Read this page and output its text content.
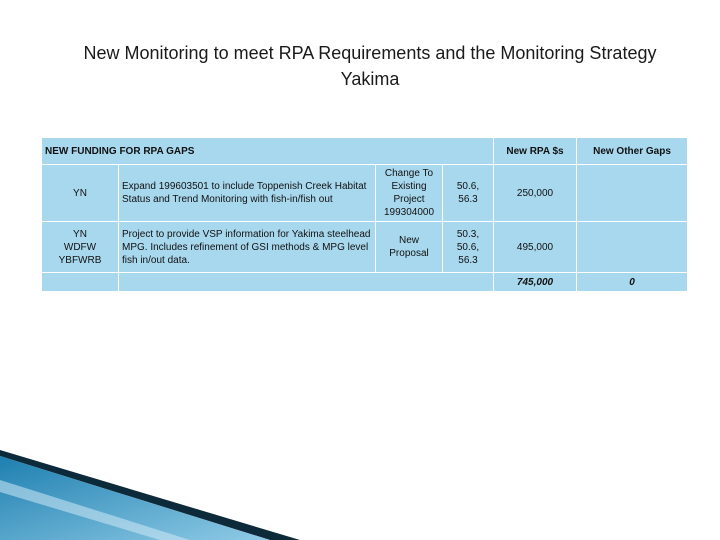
New Monitoring to meet RPA Requirements and the Monitoring Strategy
Yakima
NEW FUNDING FOR RPA GAPS				New RPA $s	New Other Gaps

YN	Expand 199603501 to include Toppenish Creek Habitat Status and Trend Monitoring with fish-in/fish out	Change To Existing Project 199304000	50.6, 56.3	250,000	

YN
WDFW
YBFWRB	Project to provide VSP information for Yakima steelhead MPG. Includes refinement of GSI methods & MPG level fish in/out data.	New Proposal	50.3, 50.6, 56.3	495,000	
				745,000	0
